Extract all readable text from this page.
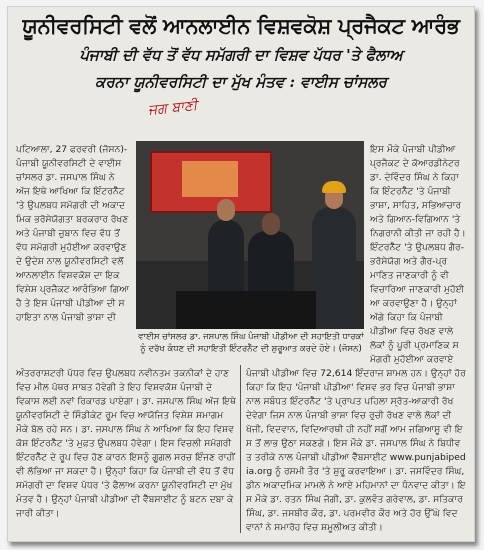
ਯੂਨੀਵਰਸਿਟੀ ਵਲੋਂ ਆਨਲਾਈਨ ਵਿਸ਼ਵਕੋਸ਼ ਪ੍ਰਜੈਕਟ ਆਰੰਭ
ਪੰਜਾਬੀ ਦੀ ਵੱਧ ਤੋਂ ਵੱਧ ਸਮੱਗਰੀ ਦਾ ਵਿਸ਼ਵ ਪੱਧਰ 'ਤੇ ਫੈਲਾਅ
ਕਰਨਾ ਯੂਨੀਵਰਸਿਟੀ ਦਾ ਮੁੱਖ ਮੰਤਵ : ਵਾਈਸ ਚਾਂਸਲਰ
ਜਗ ਬਾਣੀ

ਪਟਿਆਲਾ, 27 ਫਰਵਰੀ (ਜੋਸਨ)- ਪੰਜਾਬੀ ਯੂਨੀਵਰਸਿਟੀ ਦੇ ਵਾਈਸ ਚਾਂਸਲਰ ਡਾ. ਜਸਪਾਲ ਸਿੰਘ ਨੇ ਅੱਜ ਇਥੇ ਆਖਿਆ ਕਿ ਇੰਟਰਨੈੱਟ 'ਤੇ ਉਪਲਬਧ ਸਮੱਗਰੀ ਦੀ ਅਕਾਦਮਿਕ ਭਰੋਸੇਯੋਗਤਾ ਬਰਕਰਾਰ ਰੱਖਣ ਅਤੇ ਪੰਜਾਬੀ ਜ਼ੁਬਾਨ ਵਿਚ ਵੱਧ ਤੋਂ ਵੱਧ ਸਮੱਗਰੀ ਮੁਹੱਈਆ ਕਰਵਾਉਣ ਦੇ ਉਦੇਸ਼ ਨਾਲ ਯੂਨੀਵਰਸਿਟੀ ਵਲੋਂ ਆਨਲਾਈਨ ਵਿਸ਼ਵਕੋਸ਼ ਦਾ ਇਕ ਵਿਸ਼ੇਸ਼ ਪ੍ਰਜੈਕਟ ਆਰੰਭਿਆ ਗਿਆ ਹੈ ਤੇ ਇਸ ਪੰਜਾਬੀ ਪੀਡੀਆ ਦੀ ਸਹਾਇਤਾ ਨਾਲ ਪੰਜਾਬੀ ਭਾਸ਼ਾ ਦੀ

ਵਾਈਸ ਚਾਂਸਲਰ ਡਾ. ਜਸਪਾਲ ਸਿੰਘ ਪੰਜਾਬੀ ਪੀਡੀਆ ਦੀ ਸਹਾਇਤੀ ਧਾਰਕਾਂ ਨੂੰ ਦਰੱਖ ਕੰਧਣ ਦੀ ਸਹਾਇਤੀ ਇੰਟਰਨੈੱਟ ਦੀ ਸ਼ੁਰੂਆਤ ਕਰਦੇ ਹੋਏ। (ਜੋਸਨ)

ਇਸ ਮੌਕੇ ਪੰਜਾਬੀ ਪੀਡੀਆ ਪ੍ਰਜੈਕਟ ਦੇ ਕੋਆਰਡੀਨੇਟਰ ਡਾ. ਦੇਵਿੰਦਰ ਸਿੰਘ ਨੇ ਕਿਹਾ ਕਿ ਇੰਟਰਨੈੱਟ 'ਤੇ ਪੰਜਾਬੀ ਭਾਸ਼ਾ, ਸਾਹਿਤ, ਸਭਿਆਚਾਰ ਅਤੇ ਗਿਆਨ-ਵਿਗਿਆਨ 'ਤੇ ਨਿਗਰਾਨੀ ਕੀਤੀ ਜਾ ਰਹੀ ਹੈ। ਇੰਟਰਨੈੱਟ 'ਤੇ ਉਪਲਬਧ ਗੈਰ-ਭਰੋਸੇਯੋਗ ਅਤੇ ਗੈਰ-ਪ੍ਰਮਾਣਿਤ ਜਾਣਕਾਰੀ ਨੂੰ ਵੀ ਵਿਚਾਰਿਆ ਜਾਣਕਾਰੀ ਮੁਹੱਈਆ ਕਰਵਾਉਣਾ ਹੈ। ਉਨ੍ਹਾਂ ਅੱਗੇ ਕਿਹਾ ਕਿ ਪੰਜਾਬੀ ਪੀਡੀਆ ਵਿਚ ਰੱਖਣ ਵਾਲੇ ਲੋਕਾਂ ਨੂੰ ਪੂਰੀ ਪ੍ਰਮਾਣਿਕ ਸਮੱਗਰੀ ਮੁਹੱਈਆ ਕਰਵਾਏ

ਅੰਤਰਰਾਸ਼ਟਰੀ ਪੱਧਰ ਵਿਚ ਉਪਲਬਧ ਨਵੀਨਤਮ ਤਕਨੀਕਾਂ ਦੇ ਹਾਣ ਵਿਚ ਮੀਲ ਪੱਥਰ ਸਾਬਤ ਹੋਵੇਗੀ ਤੇ ਇਹ ਵਿਸ਼ਵਕੋਸ਼ ਪੰਜਾਬੀ ਦੇ ਵਿਕਾਸ ਲਈ ਨਵਾਂ ਰਿਕਾਰਡ ਪਾਏਗਾ। ਡਾ. ਜਸਪਾਲ ਸਿੰਘ ਅੱਜ ਇਥੇ ਯੂਨੀਵਰਸਿਟੀ ਦੇ ਸਿੰਡੀਕੇਟ ਰੂਮ ਵਿਚ ਆਯੋਜਿਤ ਵਿਸ਼ੇਸ਼ ਸਮਾਗਮ ਮੌਕੇ ਬੋਲ ਰਹੇ ਸਨ। ਡਾ. ਜਸਪਾਲ ਸਿੰਘ ਨੇ ਆਖਿਆ ਕਿ ਇਹ ਵਿਸ਼ਵਕੋਸ਼ ਇੰਟਰਨੈੱਟ 'ਤੇ ਮੁਫ਼ਤ ਉਪਲਬਧ ਹੋਵੇਗਾ। ਇਸ ਵਿਚਲੀ ਸਮੱਗਰੀ ਇੰਟਰਨੈੱਟ ਦੇ ਰੂਪ ਵਿਚ ਹੋਣ ਕਾਰਨ ਇਸਨੂੰ ਗੂਗਲ ਸਰਚ ਇੰਜਣ ਰਾਹੀਂ ਵੀ ਲੱਭਿਆ ਜਾ ਸਕਦਾ ਹੈ। ਉਨ੍ਹਾਂ ਕਿਹਾ ਕਿ ਪੰਜਾਬੀ ਦੀ ਵੱਧ ਤੋਂ ਵੱਧ ਸਮੱਗਰੀ ਦਾ ਵਿਸ਼ਵ ਪੱਧਰ 'ਤੇ ਫੈਲਾਅ ਕਰਨਾ ਯੂਨੀਵਰਸਿਟੀ ਦਾ ਮੁੱਖ ਮੰਤਵ ਹੈ। ਉਨ੍ਹਾਂ ਪੰਜਾਬੀ ਪੀਡੀਆ ਦੀ ਵੈੱਬਸਾਈਟ ਨੂੰ ਬਟਨ ਦਬਾ ਕੇ ਜਾਰੀ ਕੀਤਾ।

ਪੰਜਾਬੀ ਪੀਡੀਆ ਵਿਚ 72,614 ਇੰਦਰਾਜ ਸ਼ਾਮਲ ਹਨ। ਉਨ੍ਹਾਂ ਹੋਰ ਕਿਹਾ ਕਿ ਇਹ 'ਪੰਜਾਬੀ ਪੀਡੀਆ' ਵਿਸ਼ਵ ਭਰ ਵਿਚ ਪੰਜਾਬੀ ਭਾਸ਼ਾ ਨਾਲ ਸਬੰਧਤ ਇੰਟਰਨੈੱਟ 'ਤੇ ਪ੍ਰਾਪਤ ਪਹਿਲਾ ਸ੍ਰੋਤ-ਆਕਾਰੀ ਰੱਖ ਦੇਵੇਗਾ ਜਿਸ ਨਾਲ ਪੰਜਾਬੀ ਭਾਸ਼ਾ ਵਿਚ ਰੁਚੀ ਰੱਖਣ ਵਾਲੇ ਲੋਕਾਂ ਦੀ ਖੋਜੀ, ਵਿਦਵਾਨ, ਵਿਦਿਆਰਥੀ ਹੀ ਨਹੀਂ ਸਗੋਂ ਆਮ ਜਗਿਆਸੂ ਵੀ ਇਸ ਤੋਂ ਲਾਭ ਉਠਾ ਸਕਣਗੇ। ਇਸ ਮੌਕੇ ਡਾ. ਜਸਪਾਲ ਸਿੰਘ ਨੇ ਬਿਧੀਵਤ ਤਰੀਕੇ ਨਾਲ ਪੰਜਾਬੀ ਪੀਡੀਆ ਵੈੱਬਸਾਈਟ www.punjabipedia.org ਨੂੰ ਰਸਮੀ ਤੌਰ 'ਤੇ ਸ਼ੁਰੂ ਕਰਵਾਇਆ। ਡਾ. ਜਸਵਿੰਦਰ ਸਿੰਘ, ਡੀਨ ਅਕਾਦਮਿਕ ਮਾਮਲੇ ਨੇ ਆਏ ਮਹਿਮਾਨਾਂ ਦਾ ਧੰਨਵਾਦ ਕੀਤਾ। ਇਸ ਮੌਕੇ ਡਾ. ਰਤਨ ਸਿੰਘ ਜੱਗੀ, ਡਾ. ਕੁਲਵੰਤ ਗਰੇਵਾਲ, ਡਾ. ਸਤਿਕਾਰ ਸਿੰਘ, ਡਾ. ਜਸਬੀਰ ਕੌਰ, ਡਾ. ਪਰਮਵੀਰ ਕੌਰ ਅਤੇ ਹੋਰ ਉੱਘੇ ਵਿਦਵਾਨਾਂ ਨੇ ਸਮਾਰੋਹ ਵਿਚ ਸ਼ਮੂਲੀਅਤ ਕੀਤੀ।
